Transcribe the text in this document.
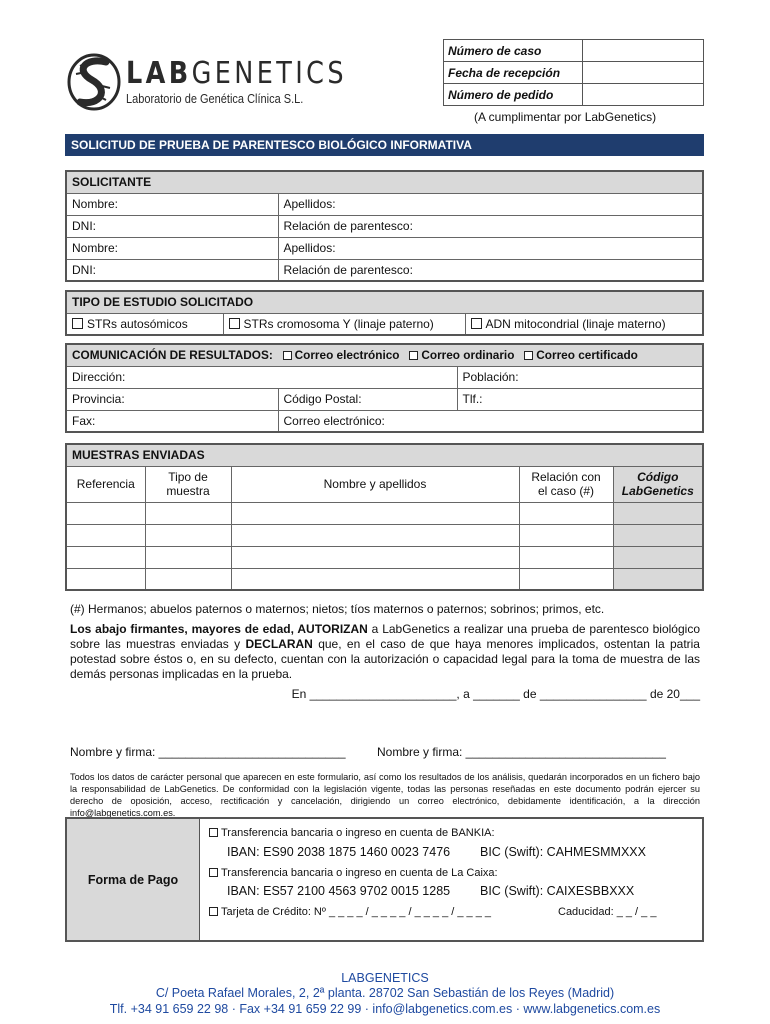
LABGENETICS
Laboratorio de Genética Clínica S.L.
Número de caso	
Fecha de recepción	
Número de pedido	
(A cumplimentar por LabGenetics)
SOLICITUD DE PRUEBA DE PARENTESCO BIOLÓGICO INFORMATIVA
SOLICITANTE	
Nombre:	Apellidos:
DNI:	Relación de parentesco:
Nombre:	Apellidos:
DNI:	Relación de parentesco:
TIPO DE ESTUDIO SOLICITADO
STRs autosómicos	STRs cromosoma Y (linaje paterno)	ADN mitocondrial (linaje materno)
COMUNICACIÓN DE RESULTADOS: Correo electrónico Correo ordinario Correo certificado		
Dirección:		Población:
Provincia:	Código Postal:	Tlf.:
Fax:	Correo electrónico:	
MUESTRAS ENVIADAS				
Referencia	Tipo de muestra	Nombre y apellidos	Relación con el caso (#)	Código LabGenetics

(#) Hermanos; abuelos paternos o maternos; nietos; tíos maternos o paternos; sobrinos; primos, etc.
Los abajo firmantes, mayores de edad, AUTORIZAN a LabGenetics a realizar una prueba de parentesco biológico sobre las muestras enviadas y DECLARAN que, en el caso de que haya menores implicados, ostentan la patria potestad sobre éstos o, en su defecto, cuentan con la autorización o capacidad legal para la toma de muestra de las demás personas implicadas en la prueba.
En ______________________, a _______ de ________________ de 20___
Nombre y firma: ____________________________	Nombre y firma: ______________________________
Todos los datos de carácter personal que aparecen en este formulario, así como los resultados de los análisis, quedarán incorporados en un fichero bajo la responsabilidad de LabGenetics. De conformidad con la legislación vigente, todas las personas reseñadas en este documento podrán ejercer su derecho de oposición, acceso, rectificación y cancelación, dirigiendo un correo electrónico, debidamente identificación, a la dirección info@labgenetics.com.es.
Forma de Pago
Transferencia bancaria o ingreso en cuenta de BANKIA:
IBAN: ES90 2038 1875 1460 0023 7476 BIC (Swift): CAHMESMMXXX
Transferencia bancaria o ingreso en cuenta de La Caixa:
IBAN: ES57 2100 4563 9702 0015 1285 BIC (Swift): CAIXESBBXXX
Tarjeta de Crédito: Nº _ _ _ _ / _ _ _ _ / _ _ _ _ / _ _ _ _	Caducidad: _ _ / _ _
LABGENETICS
C/ Poeta Rafael Morales, 2, 2ª planta. 28702 San Sebastián de los Reyes (Madrid)
Tlf. +34 91 659 22 98 · Fax +34 91 659 22 99 · info@labgenetics.com.es · www.labgenetics.com.es
